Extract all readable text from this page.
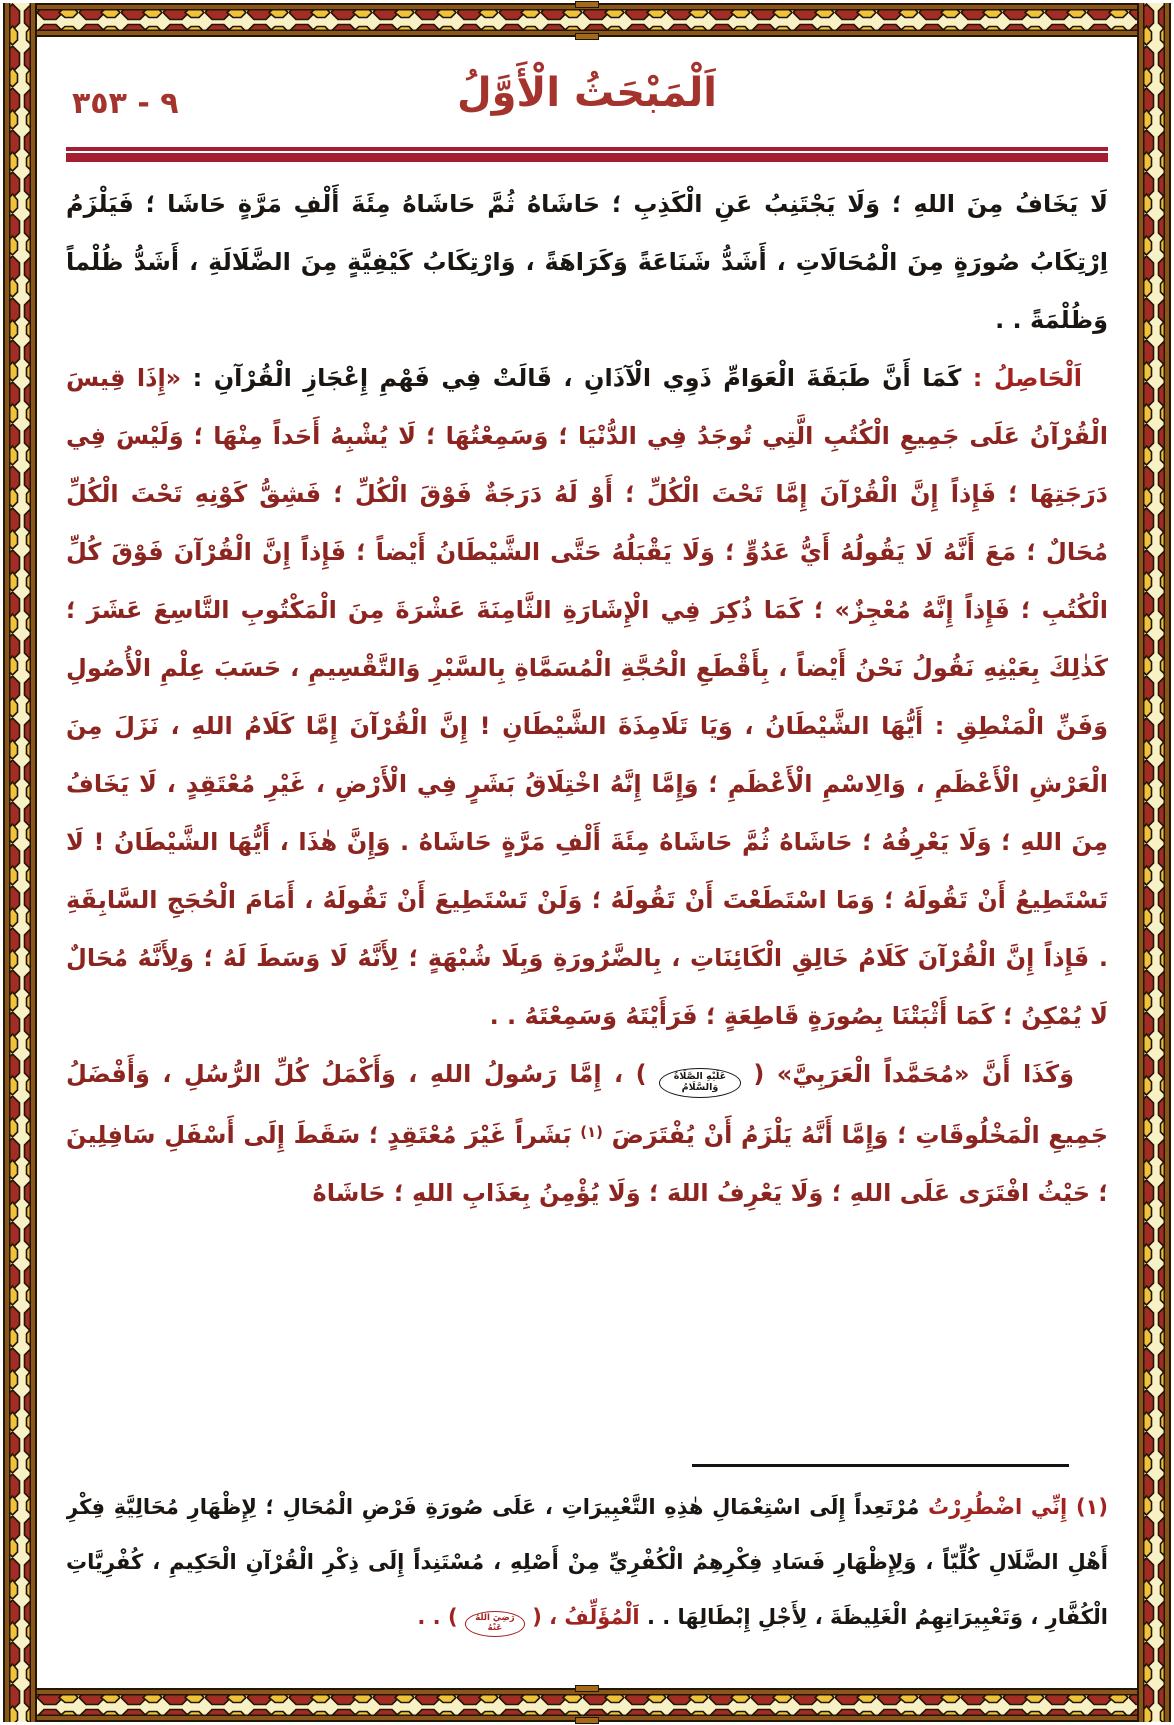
٩ - ٣٥٣	اَلْمَبْحَثُ الْأَوَّلُ

لَا يَخَافُ مِنَ اللهِ ؛ وَلَا يَجْتَنِبُ عَنِ الْكَذِبِ ؛ حَاشَاهُ ثُمَّ حَاشَاهُ مِئَةَ أَلْفِ مَرَّةٍ حَاشَا ؛ فَيَلْزَمُ اِرْتِكَابُ صُورَةٍ مِنَ الْمُحَالَاتِ ، أَشَدُّ شَنَاعَةً وَكَرَاهَةً ، وَارْتِكَابُ كَيْفِيَّةٍ مِنَ الضَّلَالَةِ ، أَشَدُّ ظُلْماً وَظُلْمَةً . .

اَلْحَاصِلُ : كَمَا أَنَّ طَبَقَةَ الْعَوَامِّ ذَوِي الْآذَانِ ، قَالَتْ فِي فَهْمِ إِعْجَازِ الْقُرْآنِ : «إِذَا قِيسَ الْقُرْآنُ عَلَى جَمِيعِ الْكُتُبِ الَّتِي تُوجَدُ فِي الدُّنْيَا ؛ وَسَمِعْتُهَا ؛ لَا يُشْبِهُ أَحَداً مِنْهَا ؛ وَلَيْسَ فِي دَرَجَتِهَا ؛ فَإِذاً إِنَّ الْقُرْآنَ إِمَّا تَحْتَ الْكُلِّ ؛ أَوْ لَهُ دَرَجَةٌ فَوْقَ الْكُلِّ ؛ فَشِقُّ كَوْنِهِ تَحْتَ الْكُلِّ مُحَالٌ ؛ مَعَ أَنَّهُ لَا يَقُولُهُ أَيُّ عَدُوٍّ ؛ وَلَا يَقْبَلُهُ حَتَّى الشَّيْطَانُ أَيْضاً ؛ فَإِذاً إِنَّ الْقُرْآنَ فَوْقَ كُلِّ الْكُتُبِ ؛ فَإِذاً إِنَّهُ مُعْجِزٌ» ؛ كَمَا ذُكِرَ فِي الْإِشَارَةِ الثَّامِنَةَ عَشْرَةَ مِنَ الْمَكْتُوبِ التَّاسِعَ عَشَرَ ؛ كَذٰلِكَ بِعَيْنِهِ نَقُولُ نَحْنُ أَيْضاً ، بِأَقْطَعِ الْحُجَّةِ الْمُسَمَّاةِ بِالسَّبْرِ وَالتَّقْسِيمِ ، حَسَبَ عِلْمِ الْأُصُولِ وَفَنِّ الْمَنْطِقِ : أَيُّهَا الشَّيْطَانُ ، وَيَا تَلَامِذَةَ الشَّيْطَانِ ! إِنَّ الْقُرْآنَ إِمَّا كَلَامُ اللهِ ، نَزَلَ مِنَ الْعَرْشِ الْأَعْظَمِ ، وَالِاسْمِ الْأَعْظَمِ ؛ وَإِمَّا إِنَّهُ اخْتِلَاقُ بَشَرٍ فِي الْأَرْضِ ، غَيْرِ مُعْتَقِدٍ ، لَا يَخَافُ مِنَ اللهِ ؛ وَلَا يَعْرِفُهُ ؛ حَاشَاهُ ثُمَّ حَاشَاهُ مِئَةَ أَلْفِ مَرَّةٍ حَاشَاهُ . وَإِنَّ هٰذَا ، أَيُّهَا الشَّيْطَانُ ! لَا تَسْتَطِيعُ أَنْ تَقُولَهُ ؛ وَمَا اسْتَطَعْتَ أَنْ تَقُولَهُ ؛ وَلَنْ تَسْتَطِيعَ أَنْ تَقُولَهُ ، أَمَامَ الْحُجَجِ السَّابِقَةِ . فَإِذاً إِنَّ الْقُرْآنَ كَلَامُ خَالِقِ الْكَائِنَاتِ ، بِالضَّرُورَةِ وَبِلَا شُبْهَةٍ ؛ لِأَنَّهُ لَا وَسَطَ لَهُ ؛ وَلِأَنَّهُ مُحَالٌ لَا يُمْكِنُ ؛ كَمَا أَثْبَتْنَا بِصُورَةٍ قَاطِعَةٍ ؛ فَرَأَيْتَهُ وَسَمِعْتَهُ . .

وَكَذَا أَنَّ «مُحَمَّداً الْعَرَبِيَّ» ( عَلَيْهِ الصَّلَاةُ وَالسَّلَامُ ) ، إِمَّا رَسُولُ اللهِ ، وَأَكْمَلُ كُلِّ الرُّسُلِ ، وَأَفْضَلُ جَمِيعِ الْمَخْلُوقَاتِ ؛ وَإِمَّا أَنَّهُ يَلْزَمُ أَنْ يُفْتَرَضَ $^{(١)}$ بَشَراً غَيْرَ مُعْتَقِدٍ ؛ سَقَطَ إِلَى أَسْفَلِ سَافِلِينَ ؛ حَيْثُ افْتَرَى عَلَى اللهِ ؛ وَلَا يَعْرِفُ اللهَ ؛ وَلَا يُؤْمِنُ بِعَذَابِ اللهِ ؛ حَاشَاهُ

(١) إِنِّي اضْطُرِرْتُ مُرْتَعِداً إِلَى اسْتِعْمَالِ هٰذِهِ التَّعْبِيرَاتِ ، عَلَى صُورَةِ فَرْضِ الْمُحَالِ ؛ لِإِظْهَارِ مُحَالِيَّةِ فِكْرِ أَهْلِ الضَّلَالِ كُلِّيّاً ، وَلِإِظْهَارِ فَسَادِ فِكْرِهِمُ الْكُفْرِيِّ مِنْ أَصْلِهِ ، مُسْتَنِداً إِلَى ذِكْرِ الْقُرْآنِ الْحَكِيمِ ، كُفْرِيَّاتِ الْكُفَّارِ ، وَتَعْبِيرَاتِهِمُ الْغَلِيظَةَ ، لِأَجْلِ إِبْطَالِهَا . . اَلْمُؤَلِّفُ ، ( رَضِيَ اللهُ عَنْهُ ) . .
